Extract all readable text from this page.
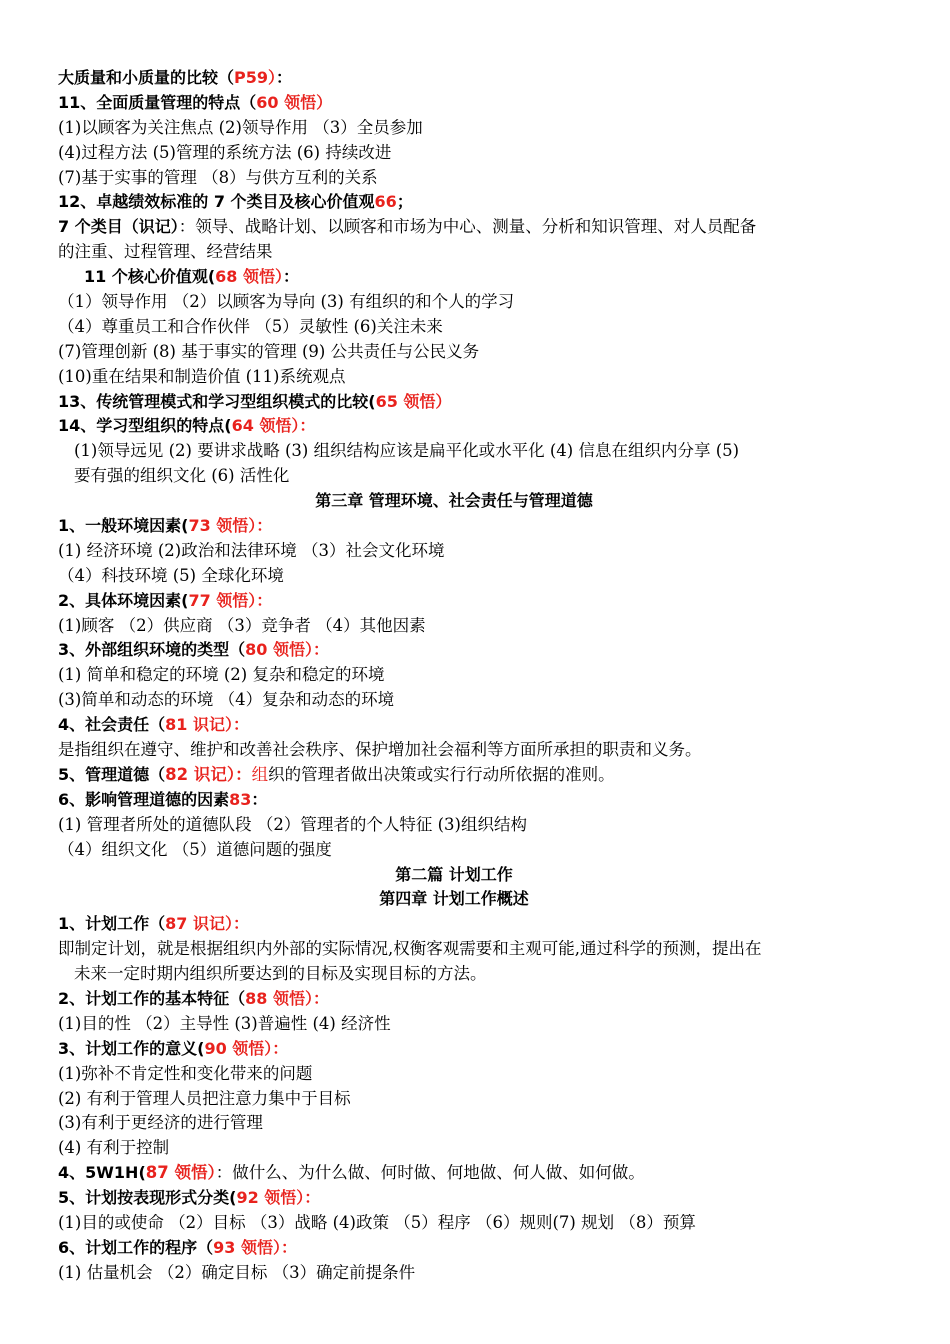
大质量和小质量的比较（P59）：
11、全面质量管理的特点（60 领悟）
(1)以顾客为关注焦点 (2)领导作用 （3）全员参加
(4)过程方法 (5)管理的系统方法 (6) 持续改进
(7)基于实事的管理 （8）与供方互利的关系
12、卓越绩效标准的 7 个类目及核心价值观66；
7 个类目（识记）：领导、战略计划、以顾客和市场为中心、测量、分析和知识管理、对人员配备
的注重、过程管理、经营结果
11 个核心价值观(68 领悟）：
（1）领导作用 （2）以顾客为导向 (3) 有组织的和个人的学习
（4）尊重员工和合作伙伴 （5）灵敏性 (6)关注未来
(7)管理创新 (8) 基于事实的管理 (9) 公共责任与公民义务
(10)重在结果和制造价值 (11)系统观点
13、传统管理模式和学习型组织模式的比较(65 领悟）
14、学习型组织的特点(64 领悟）：
(1)领导远见 (2) 要讲求战略 (3) 组织结构应该是扁平化或水平化 (4) 信息在组织内分享 (5)
要有强的组织文化 (6) 活性化
第三章 管理环境、社会责任与管理道德
1、一般环境因素(73 领悟）：
(1) 经济环境 (2)政治和法律环境 （3）社会文化环境
（4）科技环境 (5) 全球化环境
2、具体环境因素(77 领悟）：
(1)顾客 （2）供应商 （3）竞争者 （4）其他因素
3、外部组织环境的类型（80 领悟）：
(1) 简单和稳定的环境 (2) 复杂和稳定的环境
(3)简单和动态的环境 （4）复杂和动态的环境
4、社会责任（81 识记）：
是指组织在遵守、维护和改善社会秩序、保护增加社会福利等方面所承担的职责和义务。
5、管理道德（82 识记）：组织的管理者做出决策或实行行动所依据的准则。
6、影响管理道德的因素83：
(1) 管理者所处的道德队段 （2）管理者的个人特征 (3)组织结构
（4）组织文化 （5）道德问题的强度
第二篇 计划工作
第四章 计划工作概述
1、计划工作（87 识记）：
即制定计划，就是根据组织内外部的实际情况,权衡客观需要和主观可能,通过科学的预测，提出在
未来一定时期内组织所要达到的目标及实现目标的方法。
2、计划工作的基本特征（88 领悟）：
(1)目的性 （2）主导性 (3)普遍性 (4) 经济性
3、计划工作的意义(90 领悟）：
(1)弥补不肯定性和变化带来的问题
(2) 有利于管理人员把注意力集中于目标
(3)有利于更经济的进行管理
(4) 有利于控制
4、5W1H(87 领悟）：做什么、为什么做、何时做、何地做、何人做、如何做。
5、计划按表现形式分类(92 领悟）：
(1)目的或使命 （2）目标 （3）战略 (4)政策 （5）程序 （6）规则(7) 规划 （8）预算
6、计划工作的程序（93 领悟）：
(1) 估量机会 （2）确定目标 （3）确定前提条件
